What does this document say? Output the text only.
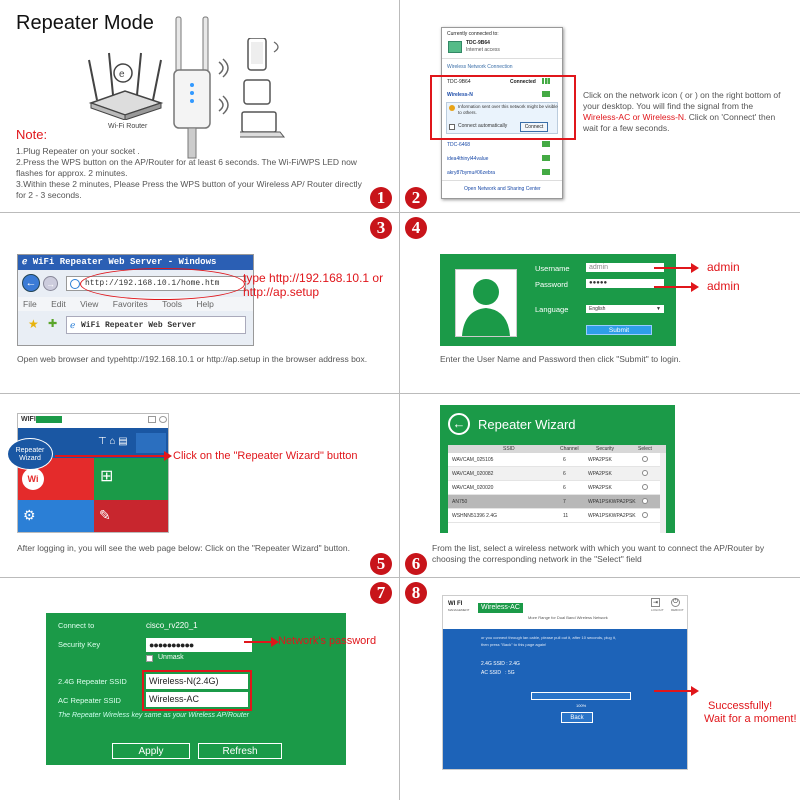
Repeater Mode
e
Wi-Fi Router
Note:
1.Plug Repeater on your socket .
2.Press the WPS button on the AP/Router for at least 6 seconds. The Wi-Fi/WPS LED now flashes for approx. 2 minutes.
3.Within these 2 minutes, Please Press the WPS button of your Wireless AP/ Router directly for 2 - 3 seconds.
Currently connected to:
TDC-9B64
Internet access
Wireless Network Connection
TDC-9B64	Connected
Wireless-N
Information sent over this network might be visible to others.
Connect automatically	Connect
TDC-6468
idea4thinyl44value
akry87bymu#06zebra
Open Network and Sharing Center
Click on the network icon ( or ) on the right bottom of your desktop. You will find the signal from the Wireless-AC or Wireless-N. Click on 'Connect' then wait for a few seconds.
1	2
3	4
ℯ WiFi Repeater Web Server - Windows
←	→	http://192.168.10.1/home.htm
File Edit View Favorites Tools Help
★ ✚	WiFi Repeater Web Server
ℯ
type http://192.168.10.1 or
http://ap.setup
Open web browser and typehttp://192.168.10.1 or http://ap.setup in the browser address box.
Username	admin
Password	●●●●●
Language	English	▼
Submit
admin
admin
Enter the User Name and Password then click "Submit" to login.
WIFI
⊤ ⌂ ▤
Wi	⊞
⚙	✎
Repeater Wizard	Click on the "Repeater Wizard" button
After logging in, you will see the web page below: Click on the "Repeater Wizard" button.
← Repeater Wizard
SSID	Channel	Security	Select
WAVCAM_025105	6	WPA2PSK
WAVCAM_020082	6	WPA2PSK
WAVCAM_020020	6	WPA2PSK
AN750	7	WPA1PSKWPA2PSK
WSHNN51396 2.4G	11	WPA1PSKWPA2PSK
From the list, select a wireless network with which you want to connect the AP/Router by choosing the corresponding network in the "Select" field
5	6
7	8
Connect to	cisco_rv220_1
Security Key	●●●●●●●●●●
Unmask
2.4G Repeater SSID	Wireless-N(2.4G)
AC Repeater SSID	Wireless-AC
The Repeater Wireless key same as your Wireless AP/Router
Apply	Refresh
Network's password
WI FI
MANAGEMENT	Wireless-AC
More Range for Dual Band Wireless Network
⇥
LOGOUT
⏻
REBOOT
or you connect through lan cable, please pull out it, after 10 seconds, plug it,
then press "Back" to this page again!
2.4G SSID : 2.4G
AC SSID   : 5G
100%
Back
Successfully!
Wait for a moment!
